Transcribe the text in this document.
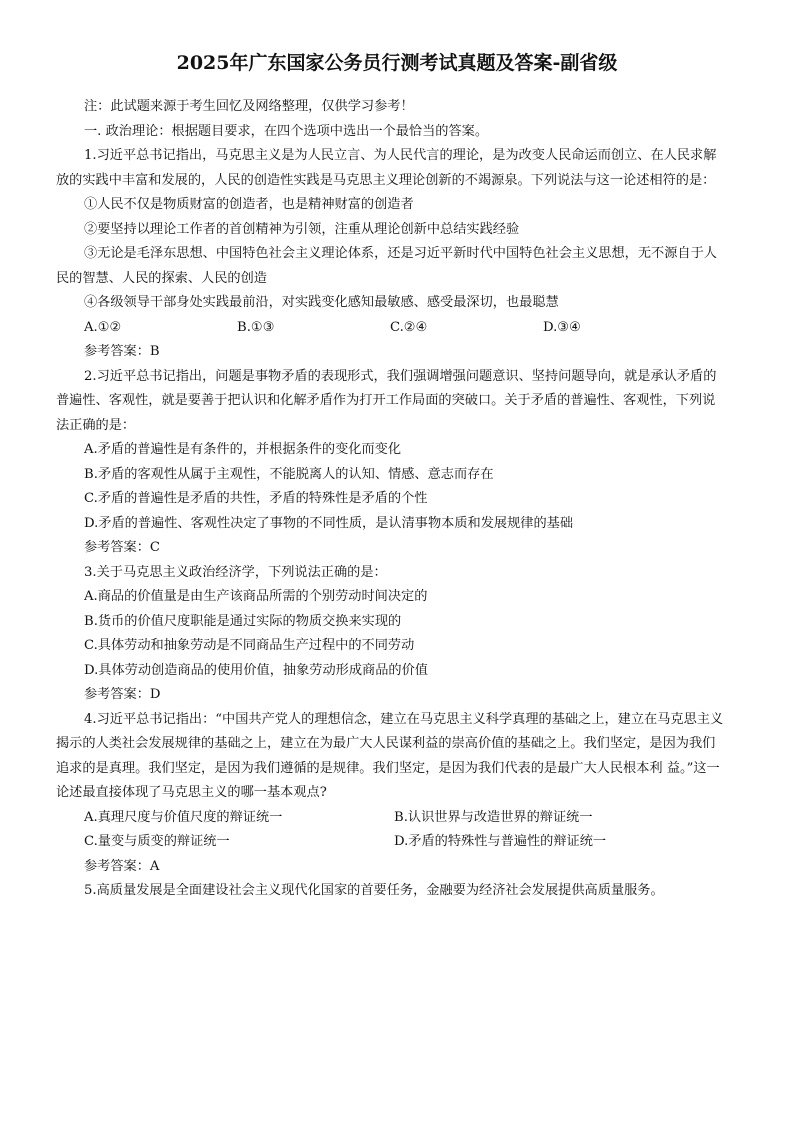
2025年广东国家公务员行测考试真题及答案-副省级
注：此试题来源于考生回忆及网络整理，仅供学习参考！
一. 政治理论：根据题目要求，在四个选项中选出一个最恰当的答案。
1.习近平总书记指出，马克思主义是为人民立言、为人民代言的理论，是为改变人民命运而创立、在人民求解放的实践中丰富和发展的，人民的创造性实践是马克思主义理论创新的不竭源泉。下列说法与这一论述相符的是：
①人民不仅是物质财富的创造者，也是精神财富的创造者
②要坚持以理论工作者的首创精神为引领，注重从理论创新中总结实践经验
③无论是毛泽东思想、中国特色社会主义理论体系，还是习近平新时代中国特色社会主义思想，无不源自于人民的智慧、人民的探索、人民的创造
④各级领导干部身处实践最前沿，对实践变化感知最敏感、感受最深切，也最聪慧
A.①②	B.①③	C.②④	D.③④
参考答案：B
2.习近平总书记指出，问题是事物矛盾的表现形式，我们强调增强问题意识、坚持问题导向，就是承认矛盾的普遍性、客观性，就是要善于把认识和化解矛盾作为打开工作局面的突破口。关于矛盾的普遍性、客观性，下列说法正确的是：
A.矛盾的普遍性是有条件的，并根据条件的变化而变化
B.矛盾的客观性从属于主观性，不能脱离人的认知、情感、意志而存在
C.矛盾的普遍性是矛盾的共性，矛盾的特殊性是矛盾的个性
D.矛盾的普遍性、客观性决定了事物的不同性质，是认清事物本质和发展规律的基础
参考答案：C
3.关于马克思主义政治经济学，下列说法正确的是：
A.商品的价值量是由生产该商品所需的个别劳动时间决定的
B.货币的价值尺度职能是通过实际的物质交换来实现的
C.具体劳动和抽象劳动是不同商品生产过程中的不同劳动
D.具体劳动创造商品的使用价值，抽象劳动形成商品的价值
参考答案：D
4.习近平总书记指出：“中国共产党人的理想信念，建立在马克思主义科学真理的基础之上，建立在马克思主义揭示的人类社会发展规律的基础之上，建立在为最广大人民谋利益的崇高价值的基础之上。我们坚定，是因为我们追求的是真理。我们坚定，是因为我们遵循的是规律。我们坚定，是因为我们代表的是最广大人民根本利 益。”这一论述最直接体现了马克思主义的哪一基本观点?
A.真理尺度与价值尺度的辩证统一	B.认识世界与改造世界的辩证统一
C.量变与质变的辩证统一	D.矛盾的特殊性与普遍性的辩证统一
参考答案：A
5.高质量发展是全面建设社会主义现代化国家的首要任务，金融要为经济社会发展提供高质量服务。
